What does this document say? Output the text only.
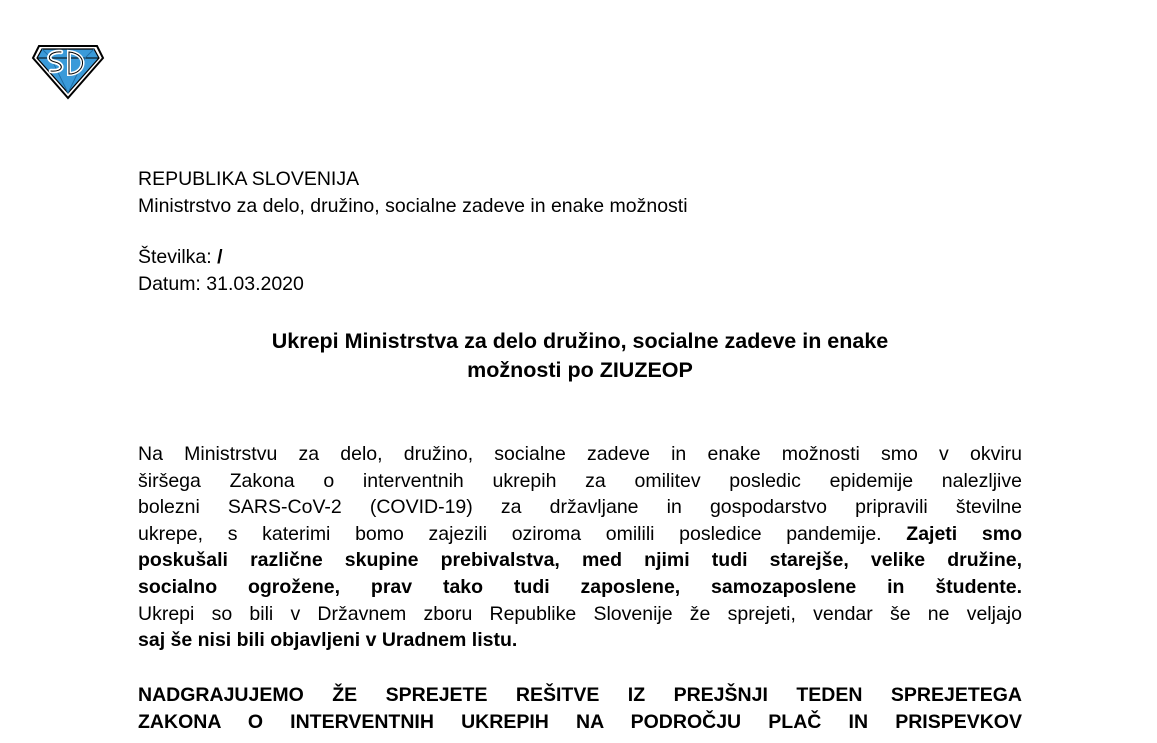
REPUBLIKA SLOVENIJA
Ministrstvo za delo, družino, socialne zadeve in enake možnosti
Številka: /
Datum: 31.03.2020
Ukrepi Ministrstva za delo družino, socialne zadeve in enake
možnosti po ZIUZEOP
Na Ministrstvu za delo, družino, socialne zadeve in enake možnosti smo v okviru
širšega Zakona o interventnih ukrepih za omilitev posledic epidemije nalezljive
bolezni SARS-CoV-2 (COVID-19) za državljane in gospodarstvo pripravili številne
ukrepe, s katerimi bomo zajezili oziroma omilili posledice pandemije. Zajeti smo
poskušali različne skupine prebivalstva, med njimi tudi starejše, velike družine,
socialno ogrožene, prav tako tudi zaposlene, samozaposlene in študente.
Ukrepi so bili v Državnem zboru Republike Slovenije že sprejeti, vendar še ne veljajo
saj še nisi bili objavljeni v Uradnem listu.
NADGRAJUJEMO ŽE SPREJETE REŠITVE IZ PREJŠNJI TEDEN SPREJETEGA
ZAKONA O INTERVENTNIH UKREPIH NA PODROČJU PLAČ IN PRISPEVKOV
